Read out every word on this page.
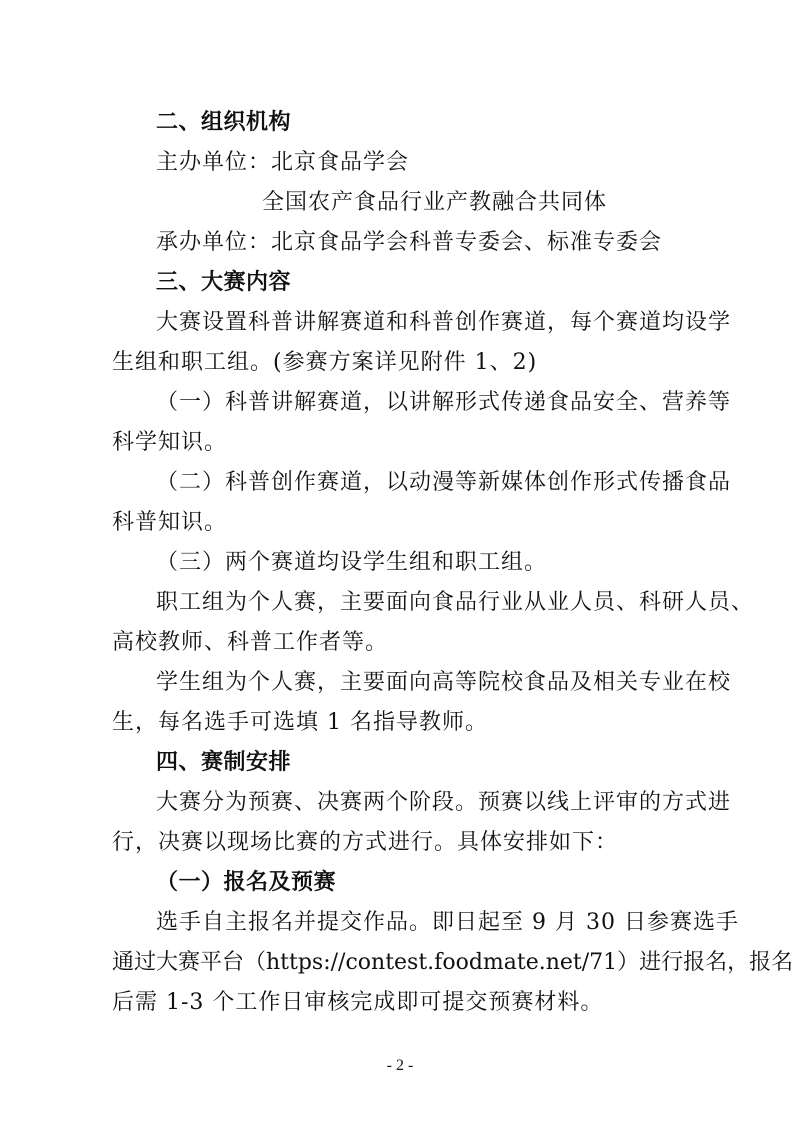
二、组织机构
主办单位：北京食品学会
全国农产食品行业产教融合共同体
承办单位：北京食品学会科普专委会、标准专委会
三、大赛内容
大赛设置科普讲解赛道和科普创作赛道，每个赛道均设学
生组和职工组。(参赛方案详见附件 1、2)
（一）科普讲解赛道，以讲解形式传递食品安全、营养等
科学知识。
（二）科普创作赛道，以动漫等新媒体创作形式传播食品
科普知识。
（三）两个赛道均设学生组和职工组。
职工组为个人赛，主要面向食品行业从业人员、科研人员、
高校教师、科普工作者等。
学生组为个人赛，主要面向高等院校食品及相关专业在校
生，每名选手可选填 1 名指导教师。
四、赛制安排
大赛分为预赛、决赛两个阶段。预赛以线上评审的方式进
行，决赛以现场比赛的方式进行。具体安排如下：
（一）报名及预赛
选手自主报名并提交作品。即日起至 9 月 30 日参赛选手
通过大赛平台（https://contest.foodmate.net/71）进行报名，报名
后需 1-3 个工作日审核完成即可提交预赛材料。
- 2 -
